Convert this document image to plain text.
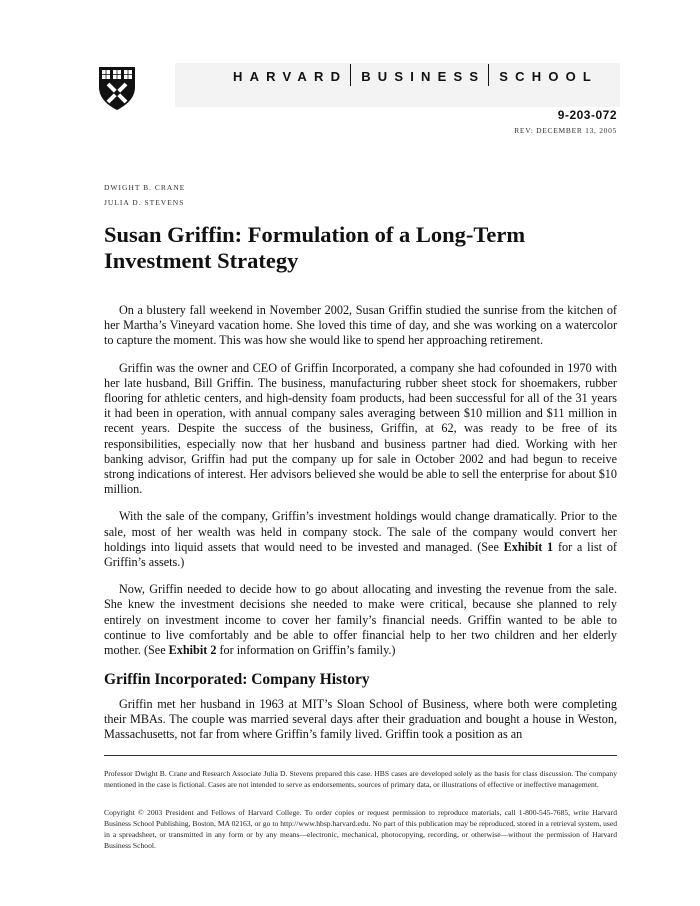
HARVARD BUSINESS SCHOOL
9-203-072
REV: DECEMBER 13, 2005
DWIGHT B. CRANE
JULIA D. STEVENS
Susan Griffin: Formulation of a Long-Term Investment Strategy

On a blustery fall weekend in November 2002, Susan Griffin studied the sunrise from the kitchen of her Martha’s Vineyard vacation home. She loved this time of day, and she was working on a watercolor to capture the moment. This was how she would like to spend her approaching retirement.

Griffin was the owner and CEO of Griffin Incorporated, a company she had cofounded in 1970 with her late husband, Bill Griffin. The business, manufacturing rubber sheet stock for shoemakers, rubber flooring for athletic centers, and high-density foam products, had been successful for all of the 31 years it had been in operation, with annual company sales averaging between $10 million and $11 million in recent years. Despite the success of the business, Griffin, at 62, was ready to be free of its responsibilities, especially now that her husband and business partner had died. Working with her banking advisor, Griffin had put the company up for sale in October 2002 and had begun to receive strong indications of interest. Her advisors believed she would be able to sell the enterprise for about $10 million.

With the sale of the company, Griffin’s investment holdings would change dramatically. Prior to the sale, most of her wealth was held in company stock. The sale of the company would convert her holdings into liquid assets that would need to be invested and managed. (See Exhibit 1 for a list of Griffin’s assets.)

Now, Griffin needed to decide how to go about allocating and investing the revenue from the sale. She knew the investment decisions she needed to make were critical, because she planned to rely entirely on investment income to cover her family’s financial needs. Griffin wanted to be able to continue to live comfortably and be able to offer financial help to her two children and her elderly mother. (See Exhibit 2 for information on Griffin’s family.)

Griffin Incorporated: Company History

Griffin met her husband in 1963 at MIT’s Sloan School of Business, where both were completing their MBAs. The couple was married several days after their graduation and bought a house in Weston, Massachusetts, not far from where Griffin’s family lived. Griffin took a position as an

Professor Dwight B. Crane and Research Associate Julia D. Stevens prepared this case. HBS cases are developed solely as the basis for class discussion. The company mentioned in the case is fictional. Cases are not intended to serve as endorsements, sources of primary data, or illustrations of effective or ineffective management.

Copyright © 2003 President and Fellows of Harvard College. To order copies or request permission to reproduce materials, call 1-800-545-7685, write Harvard Business School Publishing, Boston, MA 02163, or go to http://www.hbsp.harvard.edu. No part of this publication may be reproduced, stored in a retrieval system, used in a spreadsheet, or transmitted in any form or by any means—electronic, mechanical, photocopying, recording, or otherwise—without the permission of Harvard Business School.
